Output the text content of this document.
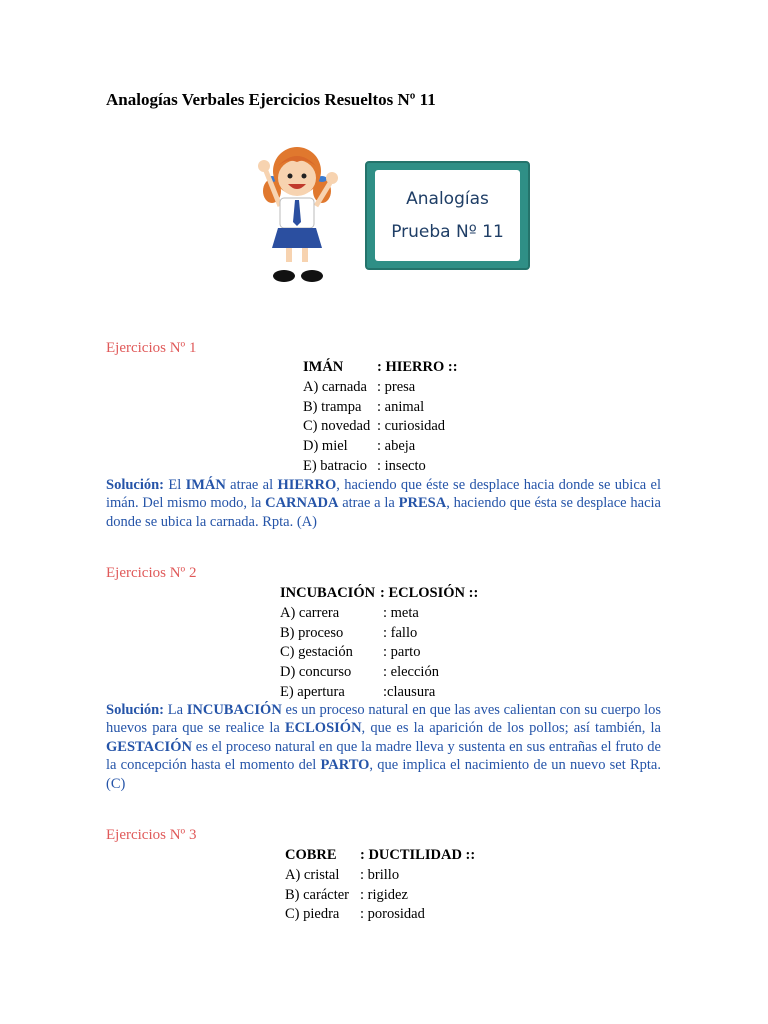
Analogías Verbales Ejercicios Resueltos Nº 11
Analogías
Prueba Nº 11
Ejercicios Nº 1
IMÁN	: HIERRO ::
A) carnada : presa
B) trampa	: animal
C) novedad : curiosidad
D) miel	: abeja
E) batracio : insecto

Solución: El IMÁN atrae al HIERRO, haciendo que éste se desplace hacia donde se ubica el imán. Del mismo modo, la CARNADA atrae a la PRESA, haciendo que ésta se desplace hacia donde se ubica la carnada. Rpta. (A)

Ejercicios Nº 2
INCUBACIÓN : ECLOSIÓN ::
A) carrera	: meta
B) proceso	: fallo
C) gestación	: parto
D) concurso	: elección
E) apertura	:clausura

Solución: La INCUBACIÓN es un proceso natural en que las aves calientan con su cuerpo los huevos para que se realice la ECLOSIÓN, que es la aparición de los pollos; así también, la GESTACIÓN es el proceso natural en que la madre lleva y sustenta en sus entrañas el fruto de la concepción hasta el momento del PARTO, que implica el nacimiento de un nuevo set Rpta. (C)

Ejercicios Nº 3
COBRE	: DUCTILIDAD ::
A) cristal	: brillo
B) carácter : rigidez
C) piedra	: porosidad
